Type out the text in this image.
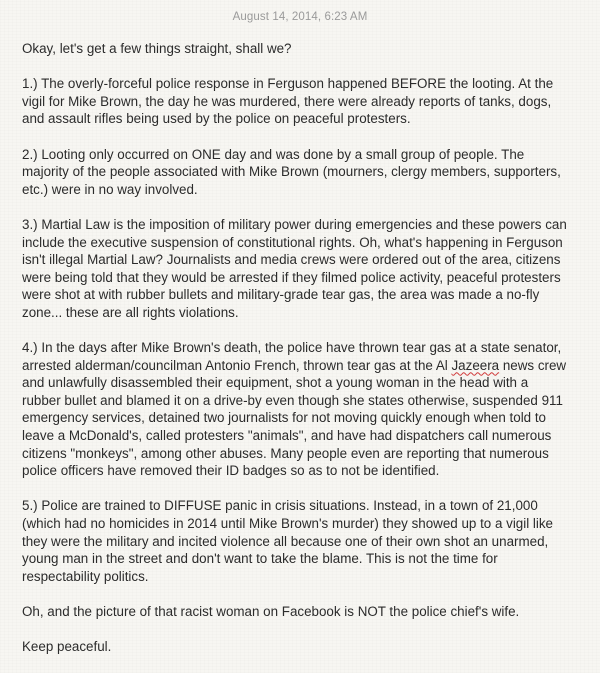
August 14, 2014, 6:23 AM

Okay, let's get a few things straight, shall we?

1.) The overly-forceful police response in Ferguson happened BEFORE the looting. At the
vigil for Mike Brown, the day he was murdered, there were already reports of tanks, dogs,
and assault rifles being used by the police on peaceful protesters.

2.) Looting only occurred on ONE day and was done by a small group of people. The
majority of the people associated with Mike Brown (mourners, clergy members, supporters,
etc.) were in no way involved.

3.) Martial Law is the imposition of military power during emergencies and these powers can
include the executive suspension of constitutional rights. Oh, what's happening in Ferguson
isn't illegal Martial Law? Journalists and media crews were ordered out of the area, citizens
were being told that they would be arrested if they filmed police activity, peaceful protesters
were shot at with rubber bullets and military-grade tear gas, the area was made a no-fly
zone... these are all rights violations.

4.) In the days after Mike Brown's death, the police have thrown tear gas at a state senator,
arrested alderman/councilman Antonio French, thrown tear gas at the Al Jazeera news crew
and unlawfully disassembled their equipment, shot a young woman in the head with a
rubber bullet and blamed it on a drive-by even though she states otherwise, suspended 911
emergency services, detained two journalists for not moving quickly enough when told to
leave a McDonald's, called protesters "animals", and have had dispatchers call numerous
citizens "monkeys", among other abuses. Many people even are reporting that numerous
police officers have removed their ID badges so as to not be identified.

5.) Police are trained to DIFFUSE panic in crisis situations. Instead, in a town of 21,000
(which had no homicides in 2014 until Mike Brown's murder) they showed up to a vigil like
they were the military and incited violence all because one of their own shot an unarmed,
young man in the street and don't want to take the blame. This is not the time for
respectability politics.

Oh, and the picture of that racist woman on Facebook is NOT the police chief's wife.

Keep peaceful.
